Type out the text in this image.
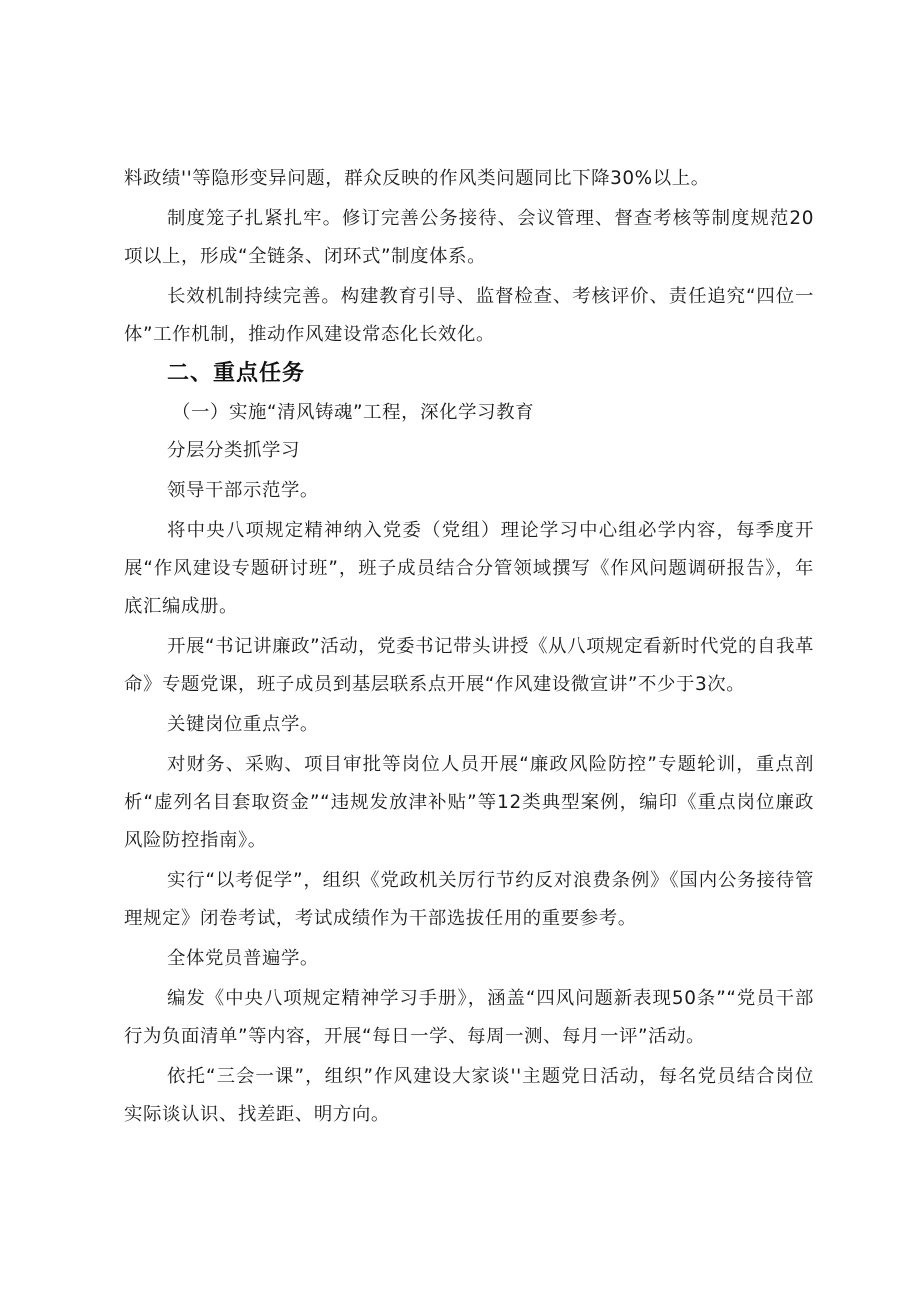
料政绩''等隐形变异问题，群众反映的作风类问题同比下降30%以上。

制度笼子扎紧扎牢。修订完善公务接待、会议管理、督查考核等制度规范20项以上，形成“全链条、闭环式”制度体系。

长效机制持续完善。构建教育引导、监督检查、考核评价、责任追究“四位一体”工作机制，推动作风建设常态化长效化。

二、重点任务

（一）实施“清风铸魂”工程，深化学习教育

分层分类抓学习

领导干部示范学。

将中央八项规定精神纳入党委（党组）理论学习中心组必学内容，每季度开展“作风建设专题研讨班”，班子成员结合分管领域撰写《作风问题调研报告》，年底汇编成册。

开展“书记讲廉政”活动，党委书记带头讲授《从八项规定看新时代党的自我革命》专题党课，班子成员到基层联系点开展“作风建设微宣讲”不少于3次。

关键岗位重点学。

对财务、采购、项目审批等岗位人员开展“廉政风险防控”专题轮训，重点剖析“虚列名目套取资金”“违规发放津补贴”等12类典型案例，编印《重点岗位廉政风险防控指南》。

实行“以考促学”，组织《党政机关厉行节约反对浪费条例》《国内公务接待管理规定》闭卷考试，考试成绩作为干部选拔任用的重要参考。

全体党员普遍学。

编发《中央八项规定精神学习手册》，涵盖“四风问题新表现50条”“党员干部行为负面清单”等内容，开展“每日一学、每周一测、每月一评”活动。

依托“三会一课”，组织”作风建设大家谈''主题党日活动，每名党员结合岗位实际谈认识、找差距、明方向。
